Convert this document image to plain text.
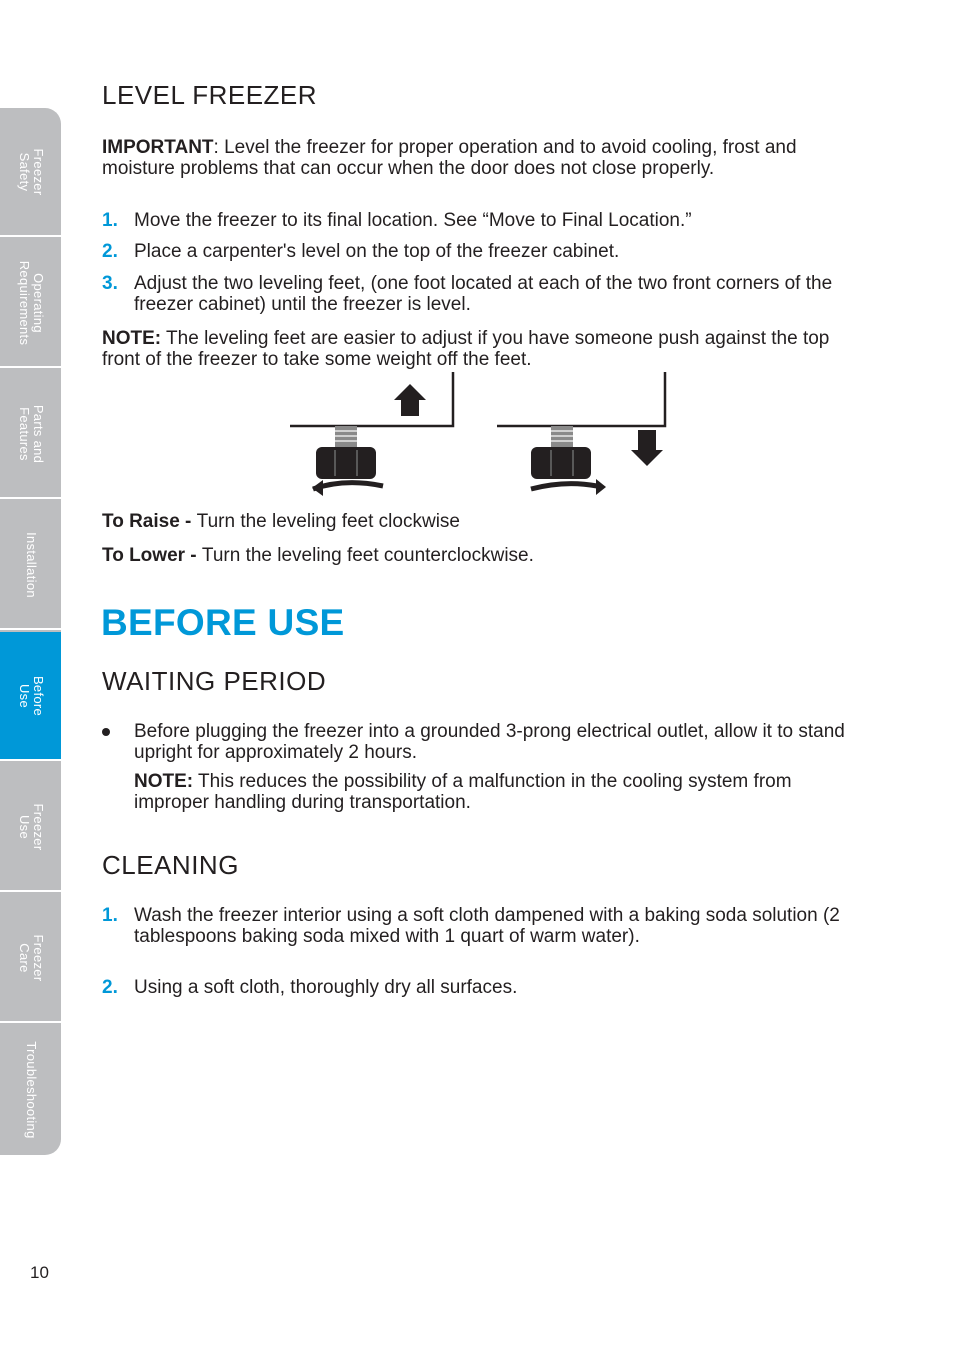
Freezer
Safety
Operating
Requirements
Parts and
Features
Installation
Before
Use
Freezer
Use
Freezer
Care
Troubleshooting
LEVEL FREEZER

IMPORTANT: Level the freezer for proper operation and to avoid cooling, frost and moisture problems that can occur when the door does not close properly.

1. Move the freezer to its final location. See “Move to Final Location.”
2. Place a carpenter's level on the top of the freezer cabinet.
3. Adjust the two leveling feet, (one foot located at each of the two front corners of the freezer cabinet) until the freezer is level.

NOTE: The leveling feet are easier to adjust if you have someone push against the top front of the freezer to take some weight off the feet.

To Raise - Turn the leveling feet clockwise

To Lower - Turn the leveling feet counterclockwise.

BEFORE USE
WAITING PERIOD
Before plugging the freezer into a grounded 3-prong electrical outlet, allow it to stand upright for approximately 2 hours.

NOTE: This reduces the possibility of a malfunction in the cooling system from improper handling during transportation.

CLEANING
1. Wash the freezer interior using a soft cloth dampened with a baking soda solution (2 tablespoons baking soda mixed with 1 quart of warm water).
2. Using a soft cloth, thoroughly dry all surfaces.
10
